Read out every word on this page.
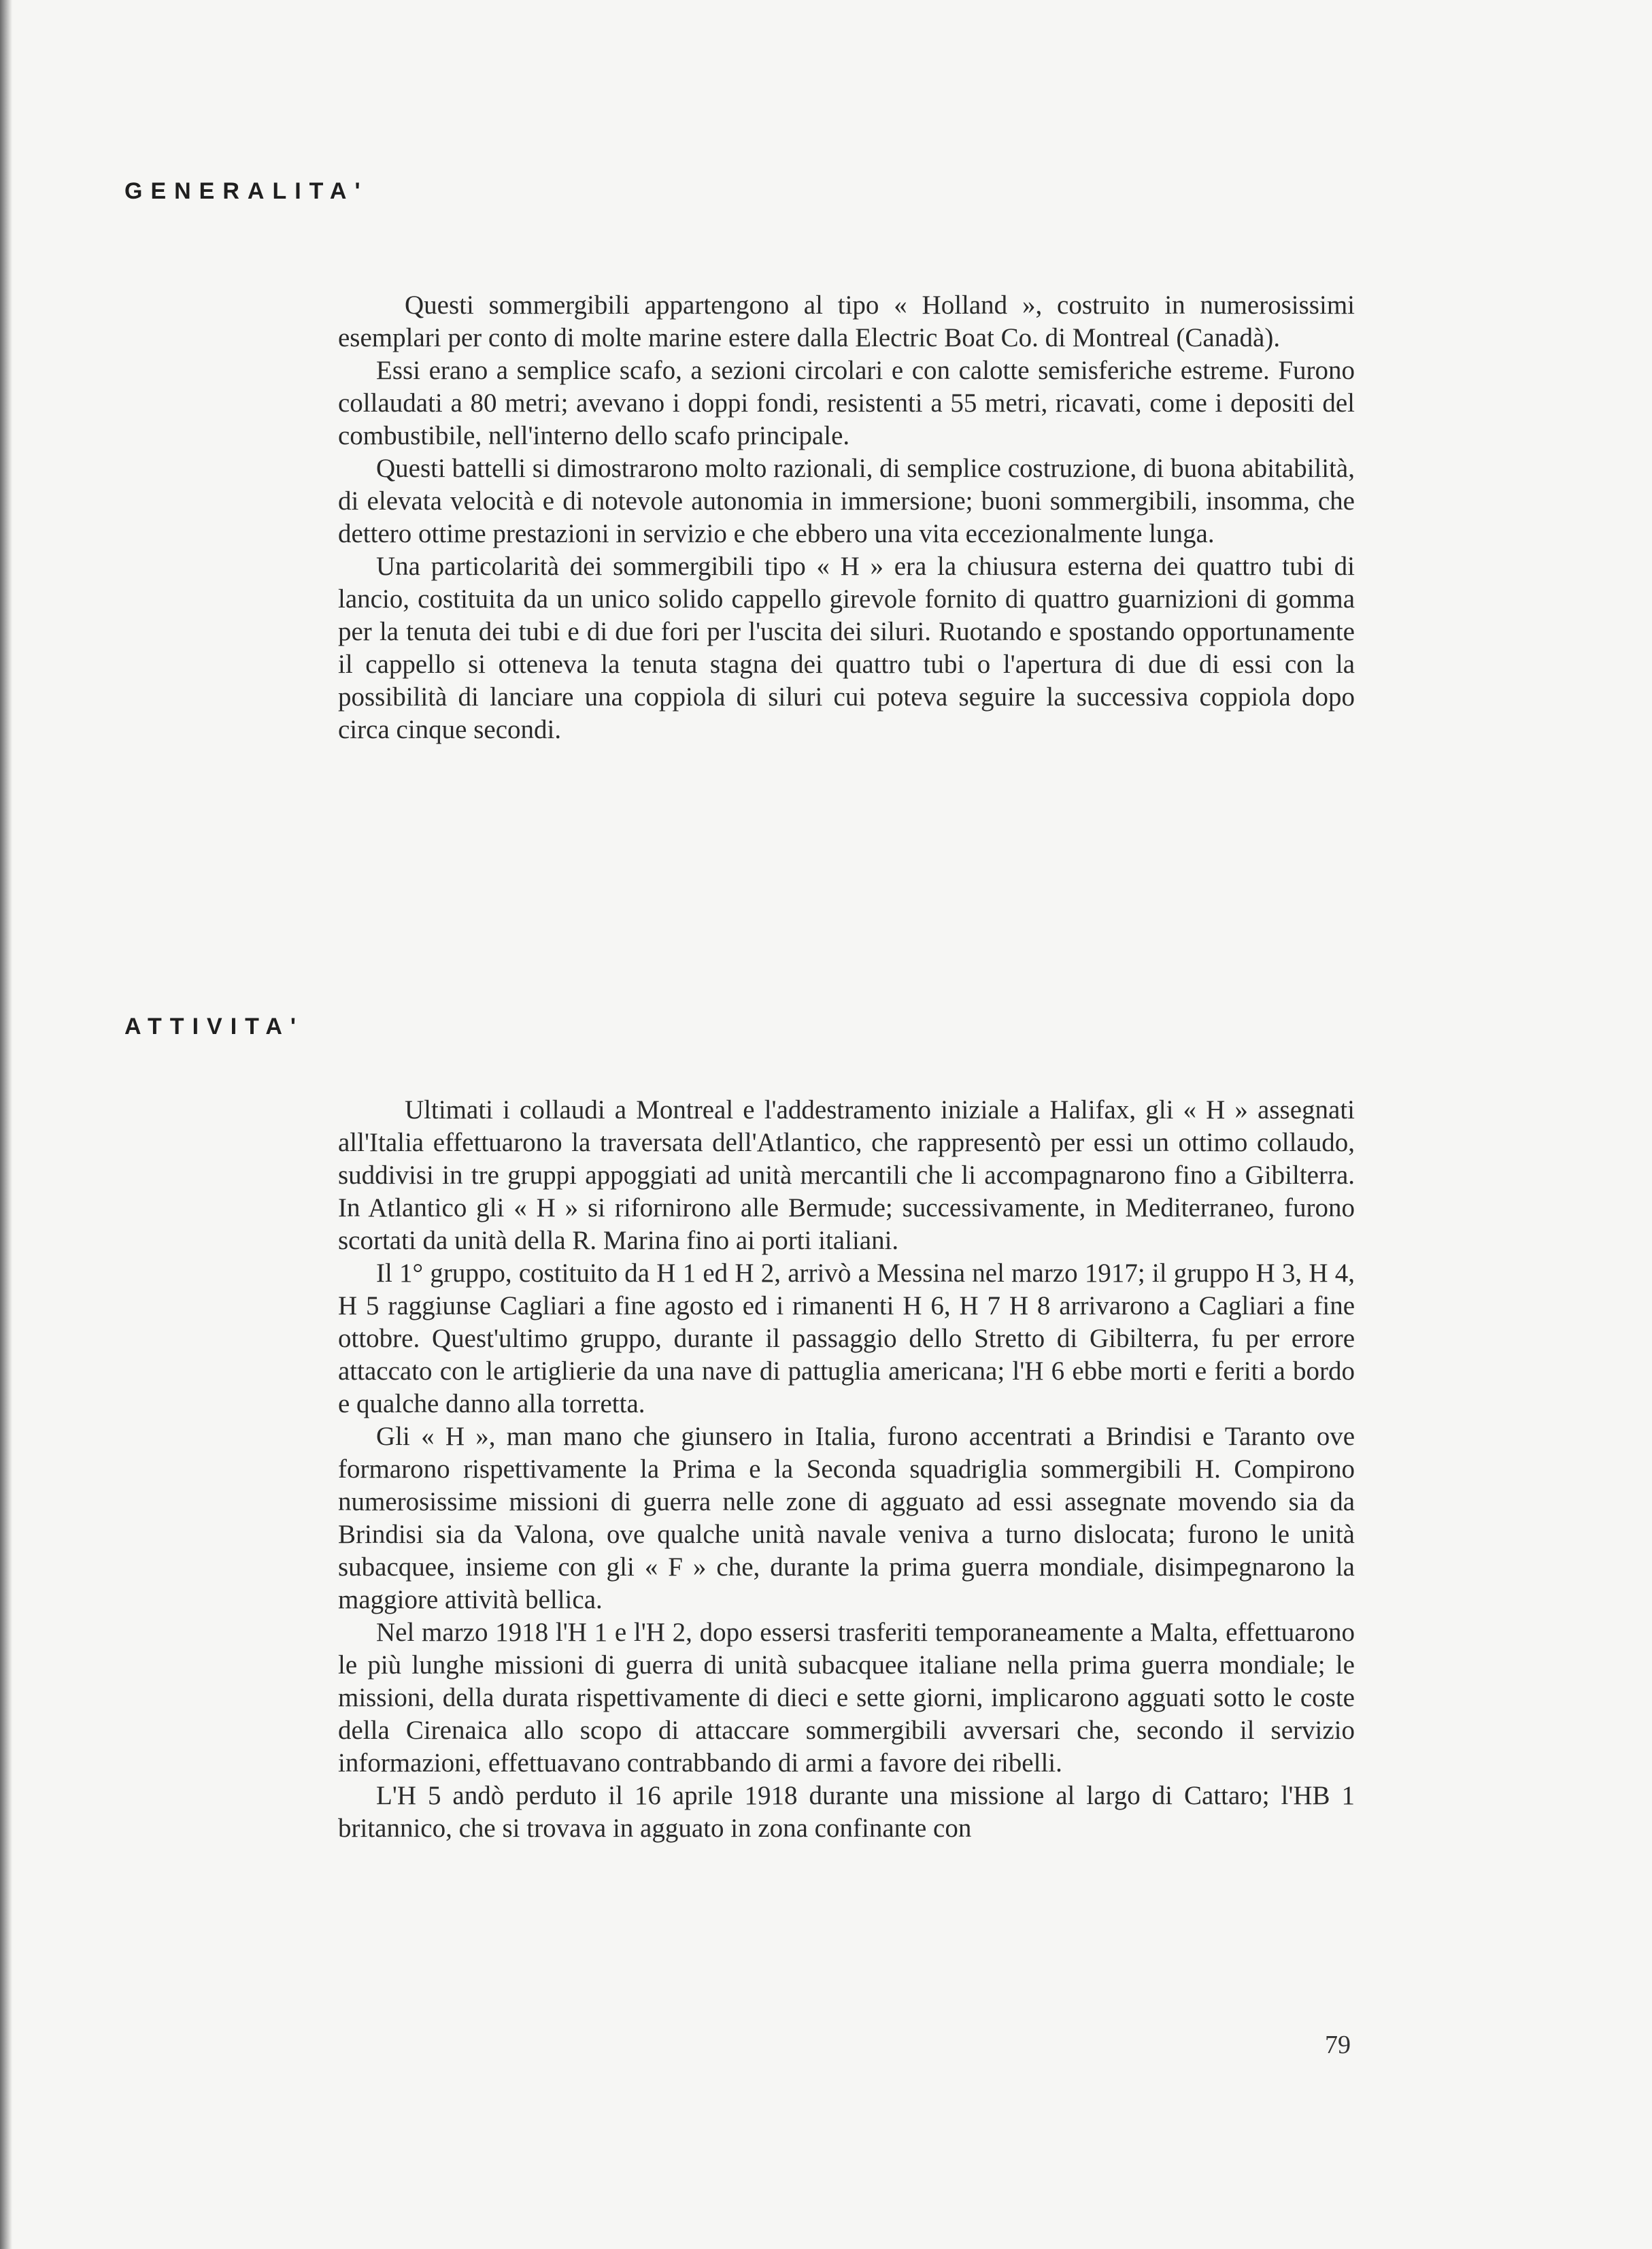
GENERALITA'

Questi sommergibili appartengono al tipo « Holland », costruito in numerosissimi esemplari per conto di molte marine estere dalla Electric Boat Co. di Montreal (Canadà).

Essi erano a semplice scafo, a sezioni circolari e con calotte semisferiche estreme. Furono collaudati a 80 metri; avevano i doppi fondi, resistenti a 55 metri, ricavati, come i depositi del combustibile, nell'interno dello scafo principale.

Questi battelli si dimostrarono molto razionali, di semplice costruzione, di buona abitabilità, di elevata velocità e di notevole autonomia in immersione; buoni sommergibili, insomma, che dettero ottime prestazioni in servizio e che ebbero una vita eccezionalmente lunga.

Una particolarità dei sommergibili tipo « H » era la chiusura esterna dei quattro tubi di lancio, costituita da un unico solido cappello girevole fornito di quattro guarnizioni di gomma per la tenuta dei tubi e di due fori per l'uscita dei siluri. Ruotando e spostando opportunamente il cappello si otteneva la tenuta stagna dei quattro tubi o l'apertura di due di essi con la possibilità di lanciare una coppiola di siluri cui poteva seguire la successiva coppiola dopo circa cinque secondi.

ATTIVITA'

Ultimati i collaudi a Montreal e l'addestramento iniziale a Halifax, gli « H » assegnati all'Italia effettuarono la traversata dell'Atlantico, che rappresentò per essi un ottimo collaudo, suddivisi in tre gruppi appoggiati ad unità mercantili che li accompagnarono fino a Gibilterra. In Atlantico gli « H » si rifornirono alle Bermude; successivamente, in Mediterraneo, furono scortati da unità della R. Marina fino ai porti italiani.

Il 1° gruppo, costituito da H 1 ed H 2, arrivò a Messina nel marzo 1917; il gruppo H 3, H 4, H 5 raggiunse Cagliari a fine agosto ed i rimanenti H 6, H 7 H 8 arrivarono a Cagliari a fine ottobre. Quest'ultimo gruppo, durante il passaggio dello Stretto di Gibilterra, fu per errore attaccato con le artiglierie da una nave di pattuglia americana; l'H 6 ebbe morti e feriti a bordo e qualche danno alla torretta.

Gli « H », man mano che giunsero in Italia, furono accentrati a Brindisi e Taranto ove formarono rispettivamente la Prima e la Seconda squadriglia sommergibili H. Compirono numerosissime missioni di guerra nelle zone di agguato ad essi assegnate movendo sia da Brindisi sia da Valona, ove qualche unità navale veniva a turno dislocata; furono le unità subacquee, insieme con gli « F » che, durante la prima guerra mondiale, disimpegnarono la maggiore attività bellica.

Nel marzo 1918 l'H 1 e l'H 2, dopo essersi trasferiti temporaneamente a Malta, effettuarono le più lunghe missioni di guerra di unità subacquee italiane nella prima guerra mondiale; le missioni, della durata rispettivamente di dieci e sette giorni, implicarono agguati sotto le coste della Cirenaica allo scopo di attaccare sommergibili avversari che, secondo il servizio informazioni, effettuavano contrabbando di armi a favore dei ribelli.

L'H 5 andò perduto il 16 aprile 1918 durante una missione al largo di Cattaro; l'HB 1 britannico, che si trovava in agguato in zona confinante con

79
